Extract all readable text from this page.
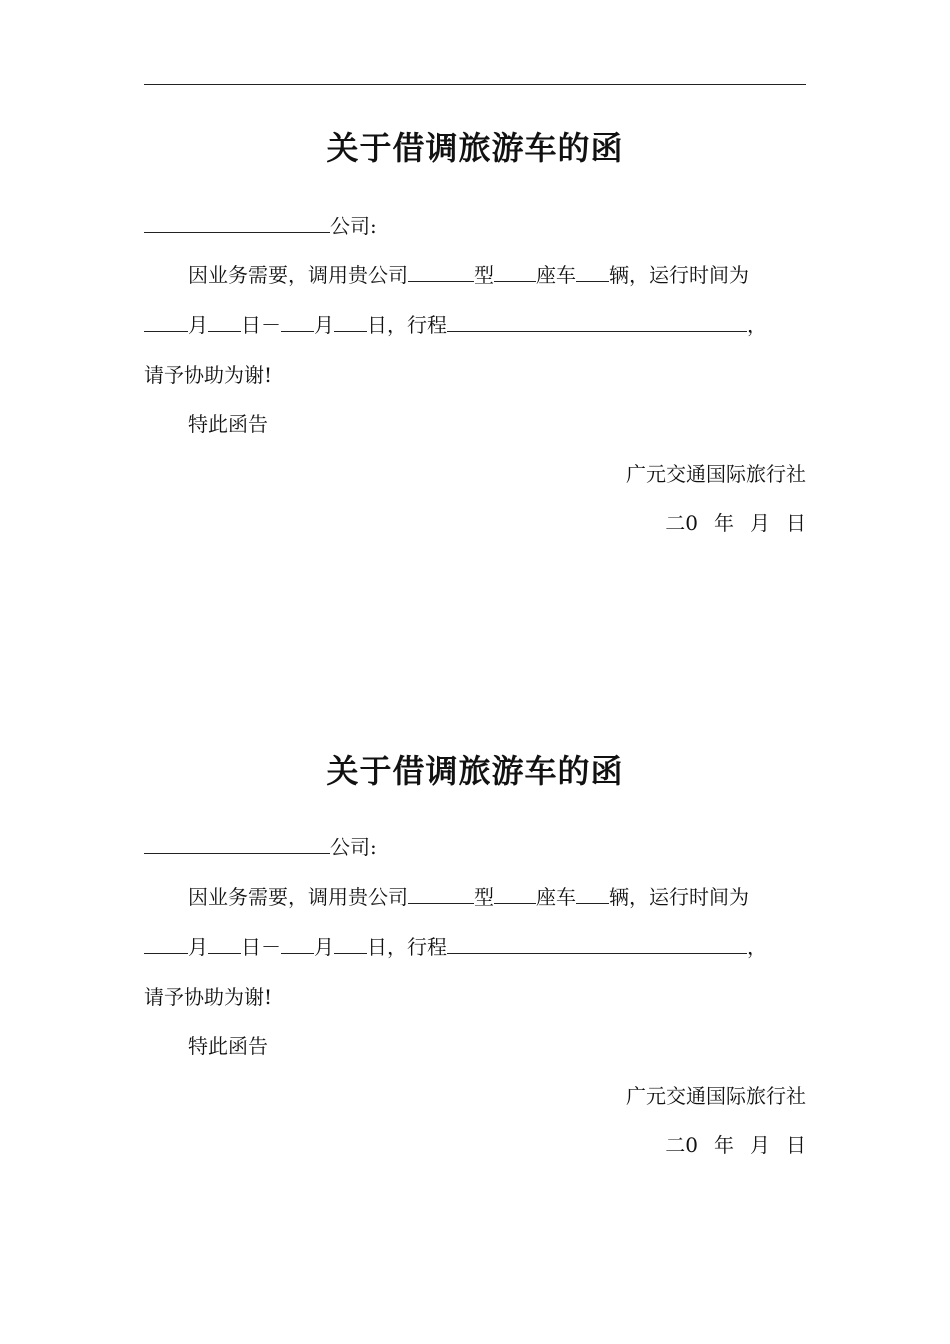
关于借调旅游车的函
公司:
因业务需要，调用贵公司	型 座车 辆，运行时间为
月 日－ 月 日，行程	，
请予协助为谢!
特此函告
广元交通国际旅行社
二0 年 月 日
关于借调旅游车的函
公司:
因业务需要，调用贵公司	型 座车 辆，运行时间为
月 日－ 月 日，行程	，
请予协助为谢!
特此函告
广元交通国际旅行社
二0 年 月 日
